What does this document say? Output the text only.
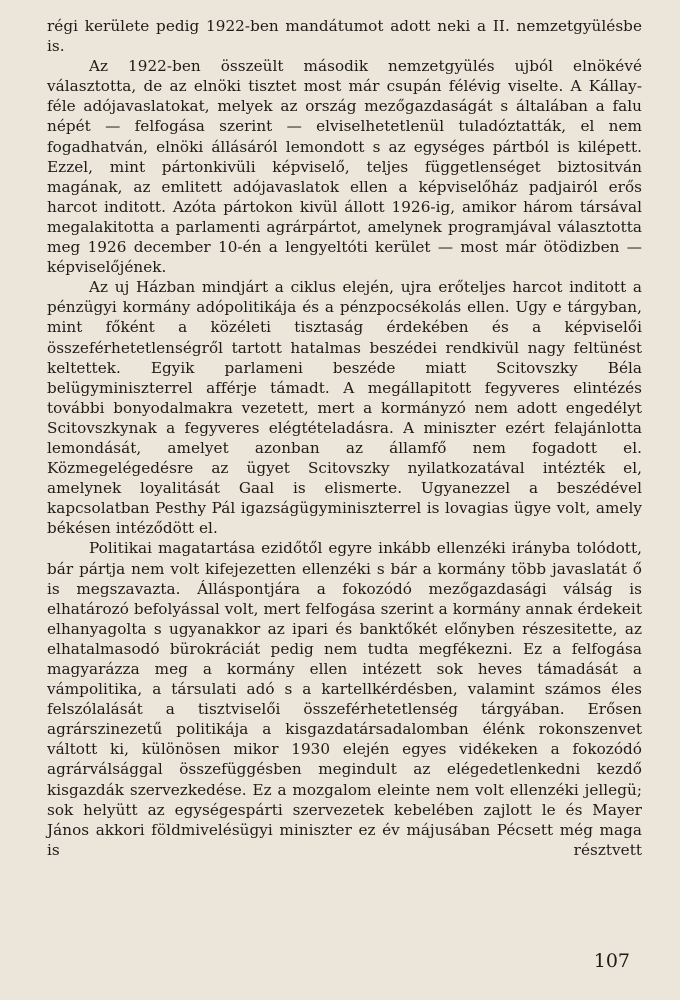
régi kerülete pedig 1922-ben mandátumot adott neki a II. nemzetgyülésbe is.

Az 1922-ben összeült második nemzetgyülés ujból elnökévé választotta, de az elnöki tisztet most már csupán félévig viselte. A Kállay-féle adójavaslatokat, melyek az ország mezőgazdaságát s általában a falu népét — felfogása szerint — elviselhetetlenül tuladóztatták, el nem fogadhatván, elnöki állásáról lemondott s az egységes pártból is kilépett. Ezzel, mint pártonkivüli képviselő, teljes függetlenséget biztositván magának, az emlitett adójavaslatok ellen a képviselőház padjairól erős harcot inditott. Azóta pártokon kivül állott 1926-ig, amikor három társával megalakitotta a parlamenti agrárpártot, amelynek programjával választotta meg 1926 december 10-én a lengyeltóti kerület — most már ötödizben — képviselőjének.

Az uj Házban mindjárt a ciklus elején, ujra erőteljes harcot inditott a pénzügyi kormány adópolitikája és a pénzpocsékolás ellen. Ugy e tárgyban, mint főként a közéleti tisztaság érdekében és a képviselői összeférhetetlenségről tartott hatalmas beszédei rendkivül nagy feltünést keltettek. Egyik parlameni beszéde miatt Scitovszky Béla belügyminiszterrel afférje támadt. A megállapitott fegyveres elintézés további bonyodalmakra vezetett, mert a kormányzó nem adott engedélyt Scitovszkynak a fegyveres elégtételadásra. A miniszter ezért felajánlotta lemondását, amelyet azonban az államfő nem fogadott el. Közmegelégedésre az ügyet Scitovszky nyilatkozatával intézték el, amelynek loyalitását Gaal is elismerte. Ugyanezzel a beszédével kapcsolatban Pesthy Pál igazságügyminiszterrel is lovagias ügye volt, amely békésen intéződött el.

Politikai magatartása ezidőtől egyre inkább ellenzéki irányba tolódott, bár pártja nem volt kifejezetten ellenzéki s bár a kormány több javaslatát ő is megszavazta. Álláspontjára a fokozódó mezőgazdasági válság is elhatározó befolyással volt, mert felfogása szerint a kormány annak érdekeit elhanyagolta s ugyanakkor az ipari és banktőkét előnyben részesitette, az elhatalmasodó bürokráciát pedig nem tudta megfékezni. Ez a felfogása magyarázza meg a kormány ellen intézett sok heves támadását a vámpolitika, a társulati adó s a kartellkérdésben, valamint számos éles felszólalását a tisztviselői összeférhetetlenség tárgyában. Erősen agrárszinezetű politikája a kisgazdatársadalomban élénk rokonszenvet váltott ki, különösen mikor 1930 elején egyes vidékeken a fokozódó agrárválsággal összefüggésben megindult az elégedetlenkedni kezdő kisgazdák szervezkedése. Ez a mozgalom eleinte nem volt ellenzéki jellegü; sok helyütt az egységespárti szervezetek kebelében zajlott le és Mayer János akkori földmivelésügyi miniszter ez év májusában Pécsett még maga is résztvett

107
